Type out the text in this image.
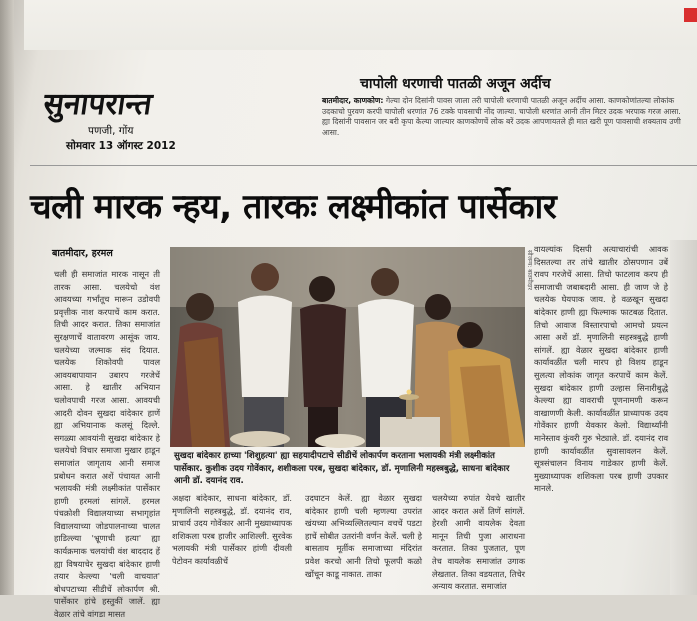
सुनापरान्त
पणजी, गोंय
सोमवार 13 ऑगस्ट 2012
चापोली धरणाची पातळी अजून अर्दीच
बातमीदार, काणकोण: गेल्या दोन दिसांनी पावस जाला तरी चापोली धरणाची पातळी अजून अर्दीच आसा. काणकोणांतल्या लोकांक उदकाचो पुरवण करपी चापोली धरणांत 76 टक्के पावसाची नोंद जाल्या. चापोली धरणांत आनी तीन मिटर उदक भरपाक गरज आसा. ह्या दिसांनी पावसान जर बरी कृपा केल्या जाल्यार काणकोणचें लोक बरें उदक आपणायतले ही मात खरी पूण पावसाची शक्यताय उणी आसा.
चली मारक न्हय, तारकः लक्ष्मीकांत पार्सेकार
बातमीदार, हरमल
चली ही समाजांत मारक नासून ती तारक आसा. चलयेचो वंश आवयच्या गर्भांतूच मारून उडोवपी प्रवृत्तीक नाश करपाचें काम करात. तिची आदर करात. तिका समाजांत सुरक्षणाचें वातावरण आसूंक जाय. चलयेच्या जल्माक संद दियात. चलयेक शिकोवपी पावल आवयबापायान उबारप गरजेचें आसा. हे खातीर अभियान चलोवपाची गरज आसा. आवयची आदरी दोवन सुखदा वांदेकार हाणें ह्या अभियानाक कलसूं दिल्ले. सगळ्या आवयांनी सुखदा बांदेकार हे चलयेचो विचार समाजा मुखार हाडून समाजांत जागृताय आनी समाज प्रबोधन करात अशें पंचायत आनी भलायकी मंत्री लक्ष्मीकांत पार्सेकार हाणी हरमलां सांगलें. हरमल पंचक्रोशी विद्यालयाच्या सभागृहांत विद्यालयाच्या जोडपालनाच्या चालत हाडिल्ल्या 'भ्रूणाची हत्या' ह्या कार्यक्रमाक चलयांची वंश बाददाद हें ह्या विषयाचेर सुखदा बांदेकार हाणी तयार केल्ल्या 'चली वाचयात' बोधपटाच्या सीडीचें लोकार्पण श्री. पार्सेकार हांचे हस्तुकीं जालें. ह्या वेळार तांचे वांगडा मासत
सौजन्य: बातमीदार
सुखदा बांदेकार हाच्या 'शिशुहत्या' ह्या सहयादीपटाचे सीडीचें लोकार्पण करताना भलायकी मंत्री लक्ष्मीकांत पार्सेकार. कुशीक उदय गोवेंकार, शशीकला परब, सुखदा बांदेकार, डॉ. मृणालिनी महस्त्रबुद्धे, साधना बांदेकार आनी डॉ. दयानंद राव.
अक्षदा बांदेकार, साधना बांदेकार, डॉ. मृणालिनी सहस्त्रबुद्धे, डॉ. दयानंद राव, प्राचार्य उदय गोवेंकार आनी मुख्याध्यापक शशिकला परब हाजीर आशिल्ली. सुरवेक भलायकी मंत्री पार्सेकार हांणी दीवली पेटोवन कार्यावळीचें
उदघाटन केलें. ह्या वेळार सुखदा बांदेकार हाणी चली म्हणल्या उपरांत खंयच्या अभिव्यल्लितल्यान वचचें पडटा हाचें सोबीत उतरांनी वर्णन केलें. चली हे बासताय मूर्तीक समाजाच्या मंदिरांत प्रवेश करचो आनी तिचो फूलपी कळो खोंचून काडू नाकात. ताका
चलयेच्या रुपांत येवचे खातीर आदर करात अशें तिणें सांगलें. हेरशी आमी वायलेक देवता मानून तिची पुजा आराधना करतात. तिका पुजतात, पूण तेच वायलेक समाजांत उगाक लेखतात. तिका वडयतात, तिचेर अन्याय करतात. समाजांत
वायल्यांक दिसपी अत्याचारांची आवक दिसतल्या तर तांचे खातीर ठोसपणान उबें रावप गरजेचें आसा. तिचो फाटलाव करप ही समाजाची जबाबदारी आसा. ही जाण जे हे चलयेक घेयपाक जाय. हे वळखून सुखदा बांदेकार हाणी ह्या फिल्माक फाटबळ दितात. तिचो आवाज विस्तारपाचो आमचो प्रयत्न आसा अशें डॉ. मृणालिनी सहस्त्रबुद्धे हाणी सांगलें. ह्या वेळार सुखदा बांदेकार हाणी कार्यावळींत चली मारप हो विशय हाडून सुलत्या लोकांक जागृत करपाचें काम केलें. सुखदा बांदेकार हाणी उल्हास सिनारीबुद्धे केल्ल्या ह्या वावराची पूणनामणी करून वाखाणणी केली. कार्यावळींत प्राध्यापक उदय गोवेंकार हाणी येवकार केलो. विद्यार्थ्यांनी मानेस्ताव कुंवरी गुरु भेट्याले. डॉ. दयानंद राव हाणी कार्यावळींत सुवासावलन केलें. सूत्रसंचालन विनाय गाडेकार हाणी केलें. मुख्याध्यापक शशिकला परब हाणी उपकार मानले.
